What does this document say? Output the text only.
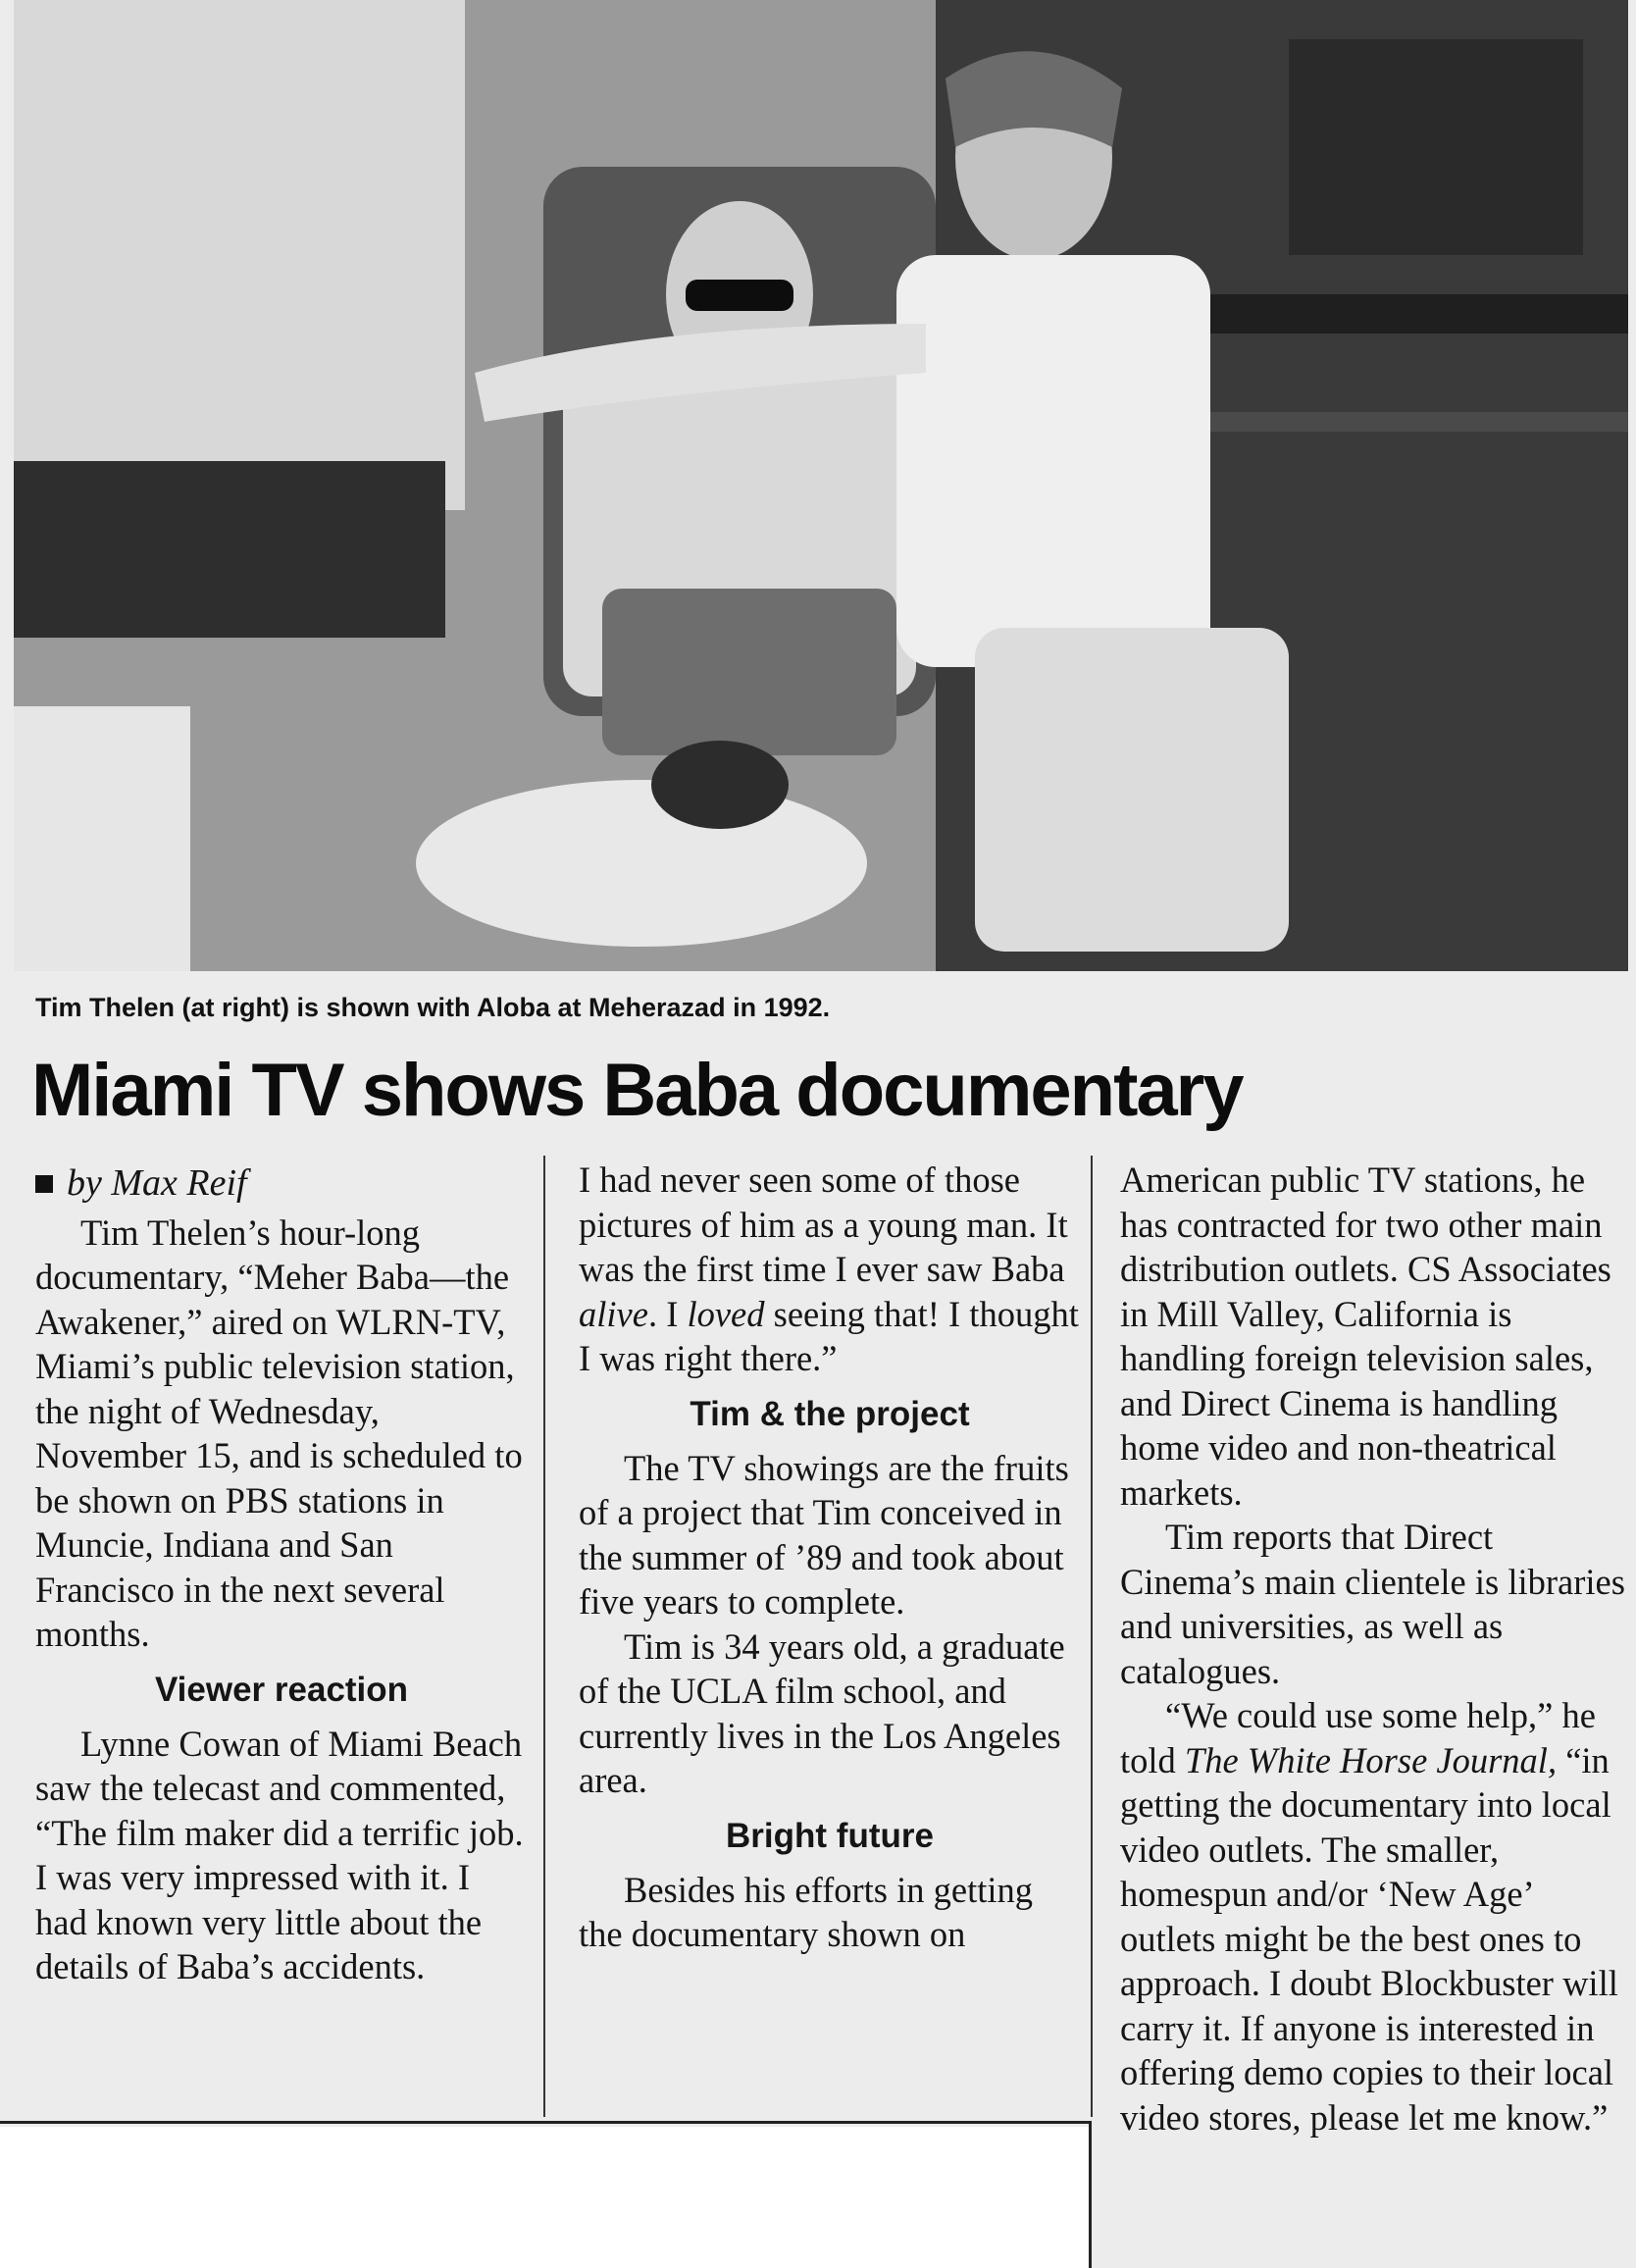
Tim Thelen (at right) is shown with Aloba at Meherazad in 1992.
Miami TV shows Baba documentary
by Max Reif

Tim Thelen’s hour-long documentary, “Meher Baba—the Awakener,” aired on WLRN-TV, Miami’s public television station, the night of Wednesday, November 15, and is scheduled to be shown on PBS stations in Muncie, Indiana and San Francisco in the next several months.

Viewer reaction

Lynne Cowan of Miami Beach saw the telecast and commented, “The film maker did a terrific job. I was very impressed with it. I had known very little about the details of Baba’s accidents.

I had never seen some of those pictures of him as a young man. It was the first time I ever saw Baba alive. I loved seeing that! I thought I was right there.”

Tim & the project

The TV showings are the fruits of a project that Tim conceived in the summer of ’89 and took about five years to complete.

Tim is 34 years old, a graduate of the UCLA film school, and currently lives in the Los Angeles area.

Bright future

Besides his efforts in getting the documentary shown on

American public TV stations, he has contracted for two other main distribution outlets. CS Associates in Mill Valley, California is handling foreign television sales, and Direct Cinema is handling home video and non-theatrical markets.

Tim reports that Direct Cinema’s main clientele is libraries and universities, as well as catalogues.

“We could use some help,” he told The White Horse Journal, “in getting the documentary into local video outlets. The smaller, homespun and/or ‘New Age’ outlets might be the best ones to approach. I doubt Blockbuster will carry it. If anyone is interested in offering demo copies to their local video stores, please let me know.”
